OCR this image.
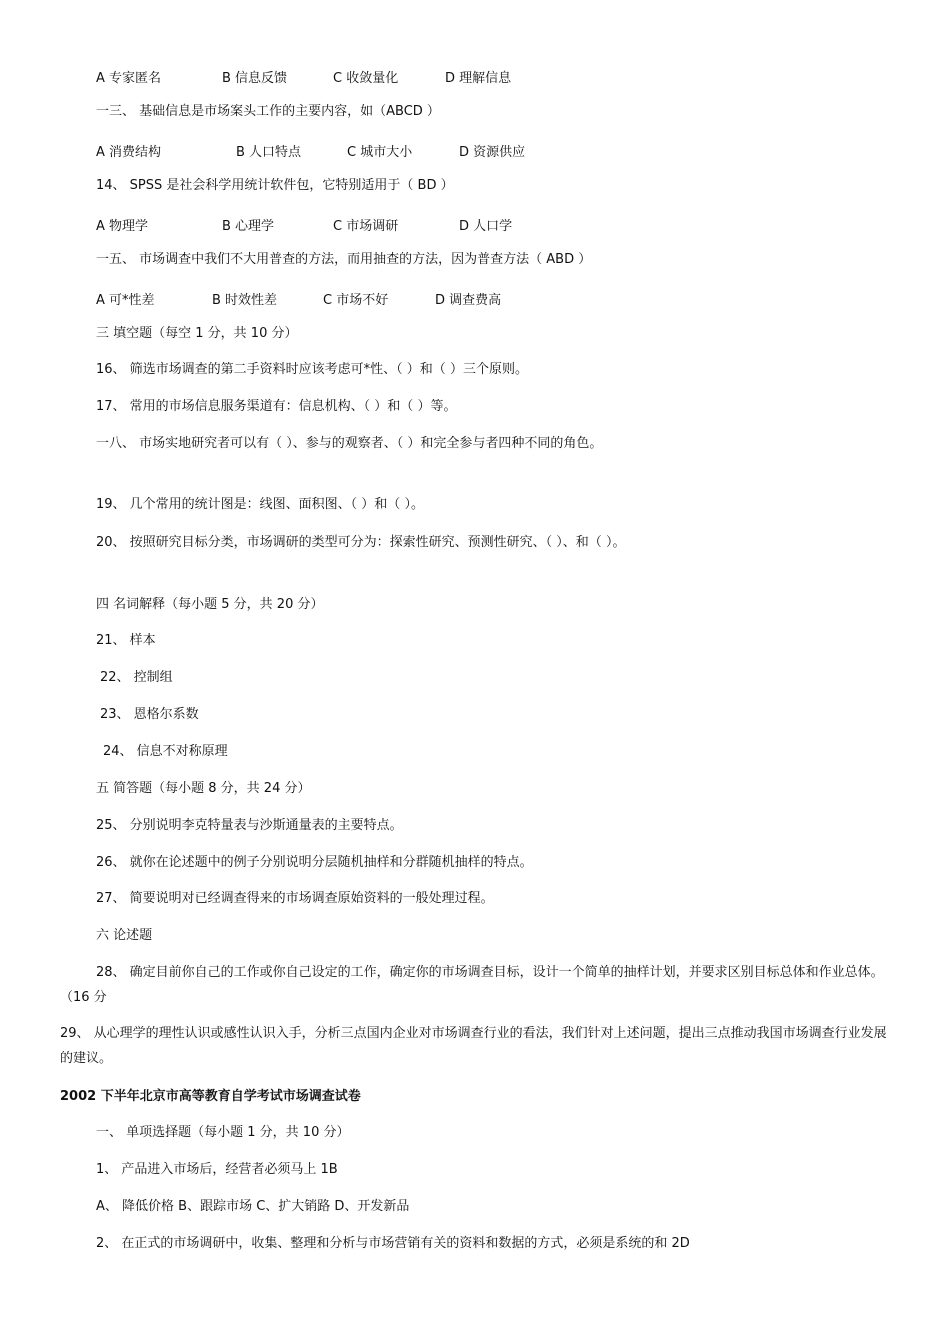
A 专家匿名	B 信息反馈	C 收敛量化	D 理解信息
一三、 基础信息是市场案头工作的主要内容，如（ABCD ）
A 消费结构	B 人口特点	C 城市大小	D 资源供应
14、 SPSS 是社会科学用统计软件包，它特别适用于（ BD ）
A 物理学	B 心理学	C 市场调研	D 人口学
一五、 市场调查中我们不大用普查的方法，而用抽查的方法，因为普查方法（ ABD ）
A 可*性差	B 时效性差	C 市场不好	D 调查费高
三 填空题（每空 1 分，共 10 分）
16、 筛选市场调查的第二手资料时应该考虑可*性、（ ）和（ ）三个原则。
17、 常用的市场信息服务渠道有：信息机构、（ ）和（ ）等。
一八、 市场实地研究者可以有（ ）、参与的观察者、（ ）和完全参与者四种不同的角色。
19、 几个常用的统计图是：线图、面积图、（ ）和（ ）。
20、 按照研究目标分类，市场调研的类型可分为：探索性研究、预测性研究、（ ）、和（ ）。
四 名词解释（每小题 5 分，共 20 分）
21、 样本
22、 控制组
23、 恩格尔系数
24、 信息不对称原理
五 简答题（每小题 8 分，共 24 分）
25、 分别说明李克特量表与沙斯通量表的主要特点。
26、 就你在论述题中的例子分别说明分层随机抽样和分群随机抽样的特点。
27、 简要说明对已经调查得来的市场调查原始资料的一般处理过程。
六 论述题
28、 确定目前你自己的工作或你自己设定的工作，确定你的市场调查目标，设计一个简单的抽样计划，并要求区别目标总体和作业总体。（16 分
29、 从心理学的理性认识或感性认识入手，分析三点国内企业对市场调查行业的看法，我们针对上述问题，提出三点推动我国市场调查行业发展的建议。
2002 下半年北京市高等教育自学考试市场调查试卷
一、 单项选择题（每小题 1 分，共 10 分）
1、 产品进入市场后，经营者必须马上 1B
A、 降低价格 B、跟踪市场 C、扩大销路 D、开发新品
2、 在正式的市场调研中，收集、整理和分析与市场营销有关的资料和数据的方式，必须是系统的和 2D
